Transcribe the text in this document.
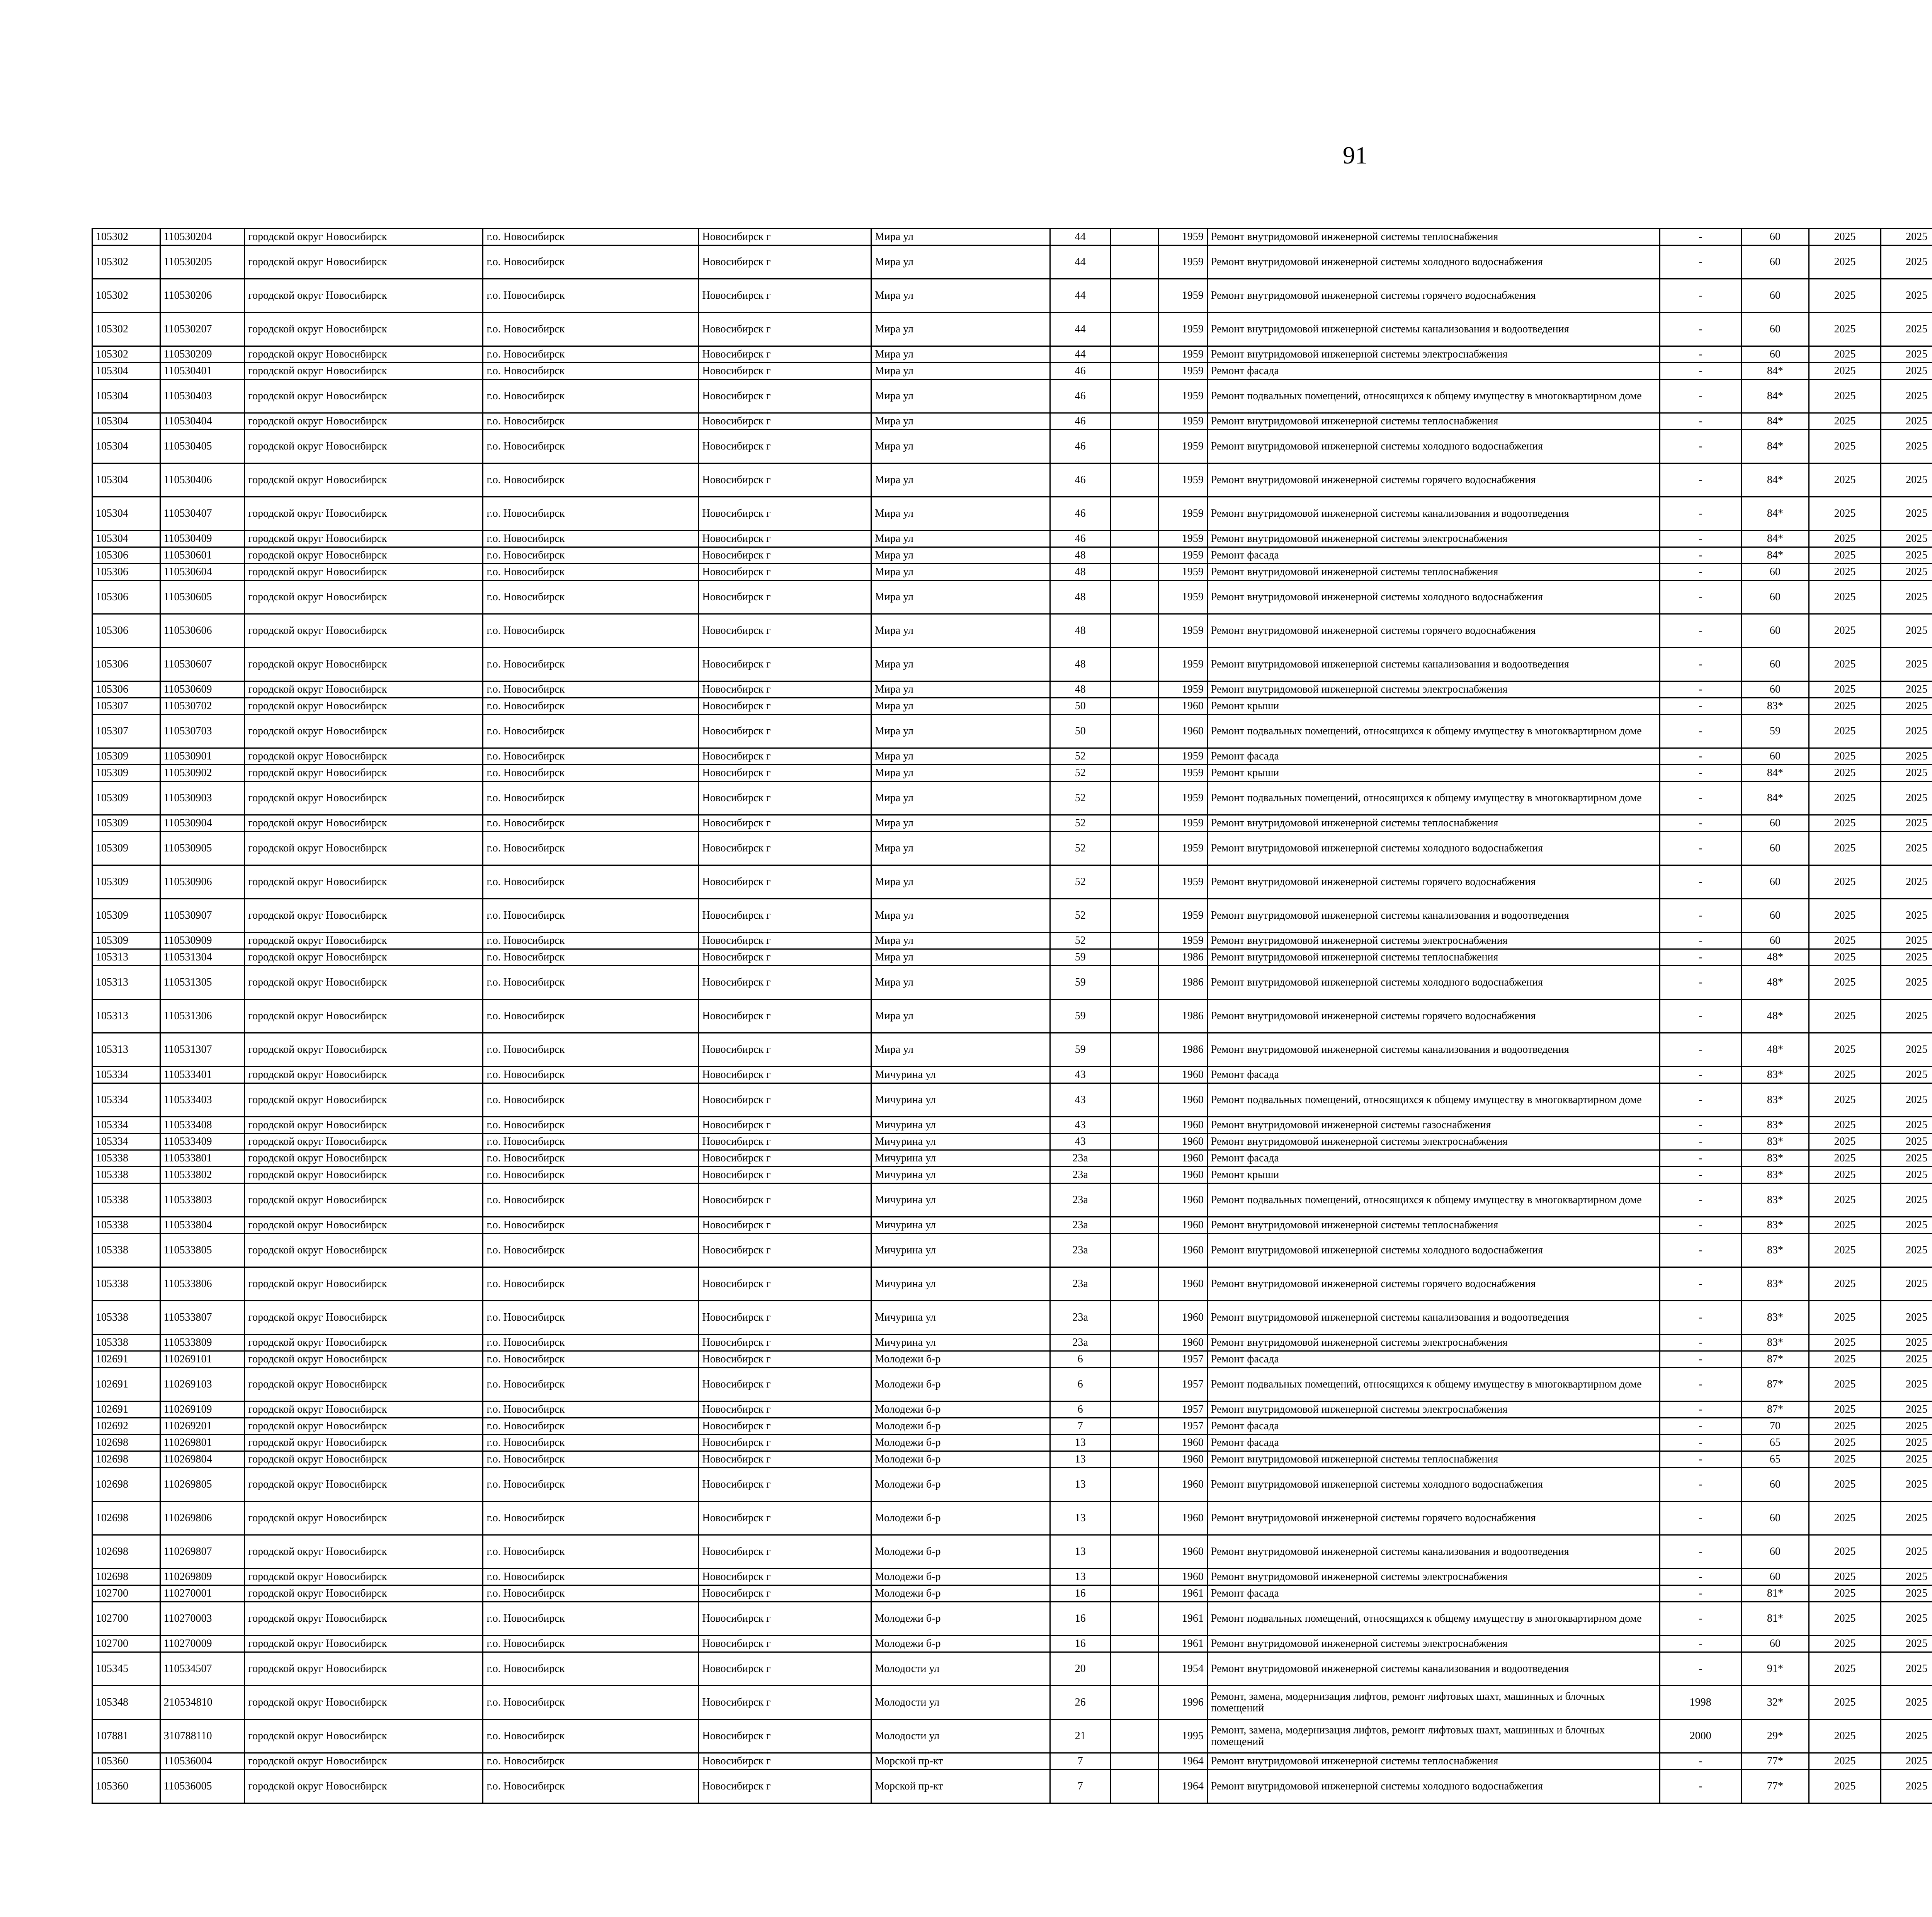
91
105302	110530204	городской округ Новосибирск	г.о. Новосибирск	Новосибирск г	Мира ул	44		1959	Ремонт внутридомовой инженерной системы теплоснабжения	-	60	2025	2025					
105302	110530205	городской округ Новосибирск	г.о. Новосибирск	Новосибирск г	Мира ул	44		1959	Ремонт внутридомовой инженерной системы холодного водоснабжения	-	60	2025	2025					
105302	110530206	городской округ Новосибирск	г.о. Новосибирск	Новосибирск г	Мира ул	44		1959	Ремонт внутридомовой инженерной системы горячего водоснабжения	-	60	2025	2025					
105302	110530207	городской округ Новосибирск	г.о. Новосибирск	Новосибирск г	Мира ул	44		1959	Ремонт внутридомовой инженерной системы канализования и водоотведения	-	60	2025	2025					
105302	110530209	городской округ Новосибирск	г.о. Новосибирск	Новосибирск г	Мира ул	44		1959	Ремонт внутридомовой инженерной системы электроснабжения	-	60	2025	2025					
105304	110530401	городской округ Новосибирск	г.о. Новосибирск	Новосибирск г	Мира ул	46		1959	Ремонт фасада	-	84*	2025	2025					
105304	110530403	городской округ Новосибирск	г.о. Новосибирск	Новосибирск г	Мира ул	46		1959	Ремонт подвальных помещений, относящихся к общему имуществу в многоквартирном доме	-	84*	2025	2025					
105304	110530404	городской округ Новосибирск	г.о. Новосибирск	Новосибирск г	Мира ул	46		1959	Ремонт внутридомовой инженерной системы теплоснабжения	-	84*	2025	2025					
105304	110530405	городской округ Новосибирск	г.о. Новосибирск	Новосибирск г	Мира ул	46		1959	Ремонт внутридомовой инженерной системы холодного водоснабжения	-	84*	2025	2025					
105304	110530406	городской округ Новосибирск	г.о. Новосибирск	Новосибирск г	Мира ул	46		1959	Ремонт внутридомовой инженерной системы горячего водоснабжения	-	84*	2025	2025					
105304	110530407	городской округ Новосибирск	г.о. Новосибирск	Новосибирск г	Мира ул	46		1959	Ремонт внутридомовой инженерной системы канализования и водоотведения	-	84*	2025	2025					
105304	110530409	городской округ Новосибирск	г.о. Новосибирск	Новосибирск г	Мира ул	46		1959	Ремонт внутридомовой инженерной системы электроснабжения	-	84*	2025	2025					
105306	110530601	городской округ Новосибирск	г.о. Новосибирск	Новосибирск г	Мира ул	48		1959	Ремонт фасада	-	84*	2025	2025					
105306	110530604	городской округ Новосибирск	г.о. Новосибирск	Новосибирск г	Мира ул	48		1959	Ремонт внутридомовой инженерной системы теплоснабжения	-	60	2025	2025					
105306	110530605	городской округ Новосибирск	г.о. Новосибирск	Новосибирск г	Мира ул	48		1959	Ремонт внутридомовой инженерной системы холодного водоснабжения	-	60	2025	2025					
105306	110530606	городской округ Новосибирск	г.о. Новосибирск	Новосибирск г	Мира ул	48		1959	Ремонт внутридомовой инженерной системы горячего водоснабжения	-	60	2025	2025					
105306	110530607	городской округ Новосибирск	г.о. Новосибирск	Новосибирск г	Мира ул	48		1959	Ремонт внутридомовой инженерной системы канализования и водоотведения	-	60	2025	2025					
105306	110530609	городской округ Новосибирск	г.о. Новосибирск	Новосибирск г	Мира ул	48		1959	Ремонт внутридомовой инженерной системы электроснабжения	-	60	2025	2025					
105307	110530702	городской округ Новосибирск	г.о. Новосибирск	Новосибирск г	Мира ул	50		1960	Ремонт крыши	-	83*	2025	2025					
105307	110530703	городской округ Новосибирск	г.о. Новосибирск	Новосибирск г	Мира ул	50		1960	Ремонт подвальных помещений, относящихся к общему имуществу в многоквартирном доме	-	59	2025	2025					
105309	110530901	городской округ Новосибирск	г.о. Новосибирск	Новосибирск г	Мира ул	52		1959	Ремонт фасада	-	60	2025	2025					
105309	110530902	городской округ Новосибирск	г.о. Новосибирск	Новосибирск г	Мира ул	52		1959	Ремонт крыши	-	84*	2025	2025					
105309	110530903	городской округ Новосибирск	г.о. Новосибирск	Новосибирск г	Мира ул	52		1959	Ремонт подвальных помещений, относящихся к общему имуществу в многоквартирном доме	-	84*	2025	2025					
105309	110530904	городской округ Новосибирск	г.о. Новосибирск	Новосибирск г	Мира ул	52		1959	Ремонт внутридомовой инженерной системы теплоснабжения	-	60	2025	2025					
105309	110530905	городской округ Новосибирск	г.о. Новосибирск	Новосибирск г	Мира ул	52		1959	Ремонт внутридомовой инженерной системы холодного водоснабжения	-	60	2025	2025					
105309	110530906	городской округ Новосибирск	г.о. Новосибирск	Новосибирск г	Мира ул	52		1959	Ремонт внутридомовой инженерной системы горячего водоснабжения	-	60	2025	2025					
105309	110530907	городской округ Новосибирск	г.о. Новосибирск	Новосибирск г	Мира ул	52		1959	Ремонт внутридомовой инженерной системы канализования и водоотведения	-	60	2025	2025					
105309	110530909	городской округ Новосибирск	г.о. Новосибирск	Новосибирск г	Мира ул	52		1959	Ремонт внутридомовой инженерной системы электроснабжения	-	60	2025	2025					
105313	110531304	городской округ Новосибирск	г.о. Новосибирск	Новосибирск г	Мира ул	59		1986	Ремонт внутридомовой инженерной системы теплоснабжения	-	48*	2025	2025					
105313	110531305	городской округ Новосибирск	г.о. Новосибирск	Новосибирск г	Мира ул	59		1986	Ремонт внутридомовой инженерной системы холодного водоснабжения	-	48*	2025	2025					
105313	110531306	городской округ Новосибирск	г.о. Новосибирск	Новосибирск г	Мира ул	59		1986	Ремонт внутридомовой инженерной системы горячего водоснабжения	-	48*	2025	2025					
105313	110531307	городской округ Новосибирск	г.о. Новосибирск	Новосибирск г	Мира ул	59		1986	Ремонт внутридомовой инженерной системы канализования и водоотведения	-	48*	2025	2025					
105334	110533401	городской округ Новосибирск	г.о. Новосибирск	Новосибирск г	Мичурина ул	43		1960	Ремонт фасада	-	83*	2025	2025					
105334	110533403	городской округ Новосибирск	г.о. Новосибирск	Новосибирск г	Мичурина ул	43		1960	Ремонт подвальных помещений, относящихся к общему имуществу в многоквартирном доме	-	83*	2025	2025					
105334	110533408	городской округ Новосибирск	г.о. Новосибирск	Новосибирск г	Мичурина ул	43		1960	Ремонт внутридомовой инженерной системы газоснабжения	-	83*	2025	2025					
105334	110533409	городской округ Новосибирск	г.о. Новосибирск	Новосибирск г	Мичурина ул	43		1960	Ремонт внутридомовой инженерной системы электроснабжения	-	83*	2025	2025					
105338	110533801	городской округ Новосибирск	г.о. Новосибирск	Новосибирск г	Мичурина ул	23а		1960	Ремонт фасада	-	83*	2025	2025					
105338	110533802	городской округ Новосибирск	г.о. Новосибирск	Новосибирск г	Мичурина ул	23а		1960	Ремонт крыши	-	83*	2025	2025					
105338	110533803	городской округ Новосибирск	г.о. Новосибирск	Новосибирск г	Мичурина ул	23а		1960	Ремонт подвальных помещений, относящихся к общему имуществу в многоквартирном доме	-	83*	2025	2025					
105338	110533804	городской округ Новосибирск	г.о. Новосибирск	Новосибирск г	Мичурина ул	23а		1960	Ремонт внутридомовой инженерной системы теплоснабжения	-	83*	2025	2025					
105338	110533805	городской округ Новосибирск	г.о. Новосибирск	Новосибирск г	Мичурина ул	23а		1960	Ремонт внутридомовой инженерной системы холодного водоснабжения	-	83*	2025	2025					
105338	110533806	городской округ Новосибирск	г.о. Новосибирск	Новосибирск г	Мичурина ул	23а		1960	Ремонт внутридомовой инженерной системы горячего водоснабжения	-	83*	2025	2025					
105338	110533807	городской округ Новосибирск	г.о. Новосибирск	Новосибирск г	Мичурина ул	23а		1960	Ремонт внутридомовой инженерной системы канализования и водоотведения	-	83*	2025	2025					
105338	110533809	городской округ Новосибирск	г.о. Новосибирск	Новосибирск г	Мичурина ул	23а		1960	Ремонт внутридомовой инженерной системы электроснабжения	-	83*	2025	2025					
102691	110269101	городской округ Новосибирск	г.о. Новосибирск	Новосибирск г	Молодежи б-р	6		1957	Ремонт фасада	-	87*	2025	2025					
102691	110269103	городской округ Новосибирск	г.о. Новосибирск	Новосибирск г	Молодежи б-р	6		1957	Ремонт подвальных помещений, относящихся к общему имуществу в многоквартирном доме	-	87*	2025	2025					
102691	110269109	городской округ Новосибирск	г.о. Новосибирск	Новосибирск г	Молодежи б-р	6		1957	Ремонт внутридомовой инженерной системы электроснабжения	-	87*	2025	2025					
102692	110269201	городской округ Новосибирск	г.о. Новосибирск	Новосибирск г	Молодежи б-р	7		1957	Ремонт фасада	-	70	2025	2025					
102698	110269801	городской округ Новосибирск	г.о. Новосибирск	Новосибирск г	Молодежи б-р	13		1960	Ремонт фасада	-	65	2025	2025					
102698	110269804	городской округ Новосибирск	г.о. Новосибирск	Новосибирск г	Молодежи б-р	13		1960	Ремонт внутридомовой инженерной системы теплоснабжения	-	65	2025	2025					
102698	110269805	городской округ Новосибирск	г.о. Новосибирск	Новосибирск г	Молодежи б-р	13		1960	Ремонт внутридомовой инженерной системы холодного водоснабжения	-	60	2025	2025					
102698	110269806	городской округ Новосибирск	г.о. Новосибирск	Новосибирск г	Молодежи б-р	13		1960	Ремонт внутридомовой инженерной системы горячего водоснабжения	-	60	2025	2025					
102698	110269807	городской округ Новосибирск	г.о. Новосибирск	Новосибирск г	Молодежи б-р	13		1960	Ремонт внутридомовой инженерной системы канализования и водоотведения	-	60	2025	2025					
102698	110269809	городской округ Новосибирск	г.о. Новосибирск	Новосибирск г	Молодежи б-р	13		1960	Ремонт внутридомовой инженерной системы электроснабжения	-	60	2025	2025					
102700	110270001	городской округ Новосибирск	г.о. Новосибирск	Новосибирск г	Молодежи б-р	16		1961	Ремонт фасада	-	81*	2025	2025					
102700	110270003	городской округ Новосибирск	г.о. Новосибирск	Новосибирск г	Молодежи б-р	16		1961	Ремонт подвальных помещений, относящихся к общему имуществу в многоквартирном доме	-	81*	2025	2025					
102700	110270009	городской округ Новосибирск	г.о. Новосибирск	Новосибирск г	Молодежи б-р	16		1961	Ремонт внутридомовой инженерной системы электроснабжения	-	60	2025	2025					
105345	110534507	городской округ Новосибирск	г.о. Новосибирск	Новосибирск г	Молодости ул	20		1954	Ремонт внутридомовой инженерной системы канализования и водоотведения	-	91*	2025	2025					
105348	210534810	городской округ Новосибирск	г.о. Новосибирск	Новосибирск г	Молодости ул	26		1996	Ремонт, замена, модернизация лифтов, ремонт лифтовых шахт, машинных и блочных помещений	1998	32*	2025	2025					
107881	310788110	городской округ Новосибирск	г.о. Новосибирск	Новосибирск г	Молодости ул	21		1995	Ремонт, замена, модернизация лифтов, ремонт лифтовых шахт, машинных и блочных помещений	2000	29*	2025	2025					
105360	110536004	городской округ Новосибирск	г.о. Новосибирск	Новосибирск г	Морской пр-кт	7		1964	Ремонт внутридомовой инженерной системы теплоснабжения	-	77*	2025	2025					
105360	110536005	городской округ Новосибирск	г.о. Новосибирск	Новосибирск г	Морской пр-кт	7		1964	Ремонт внутридомовой инженерной системы холодного водоснабжения	-	77*	2025	2025					
